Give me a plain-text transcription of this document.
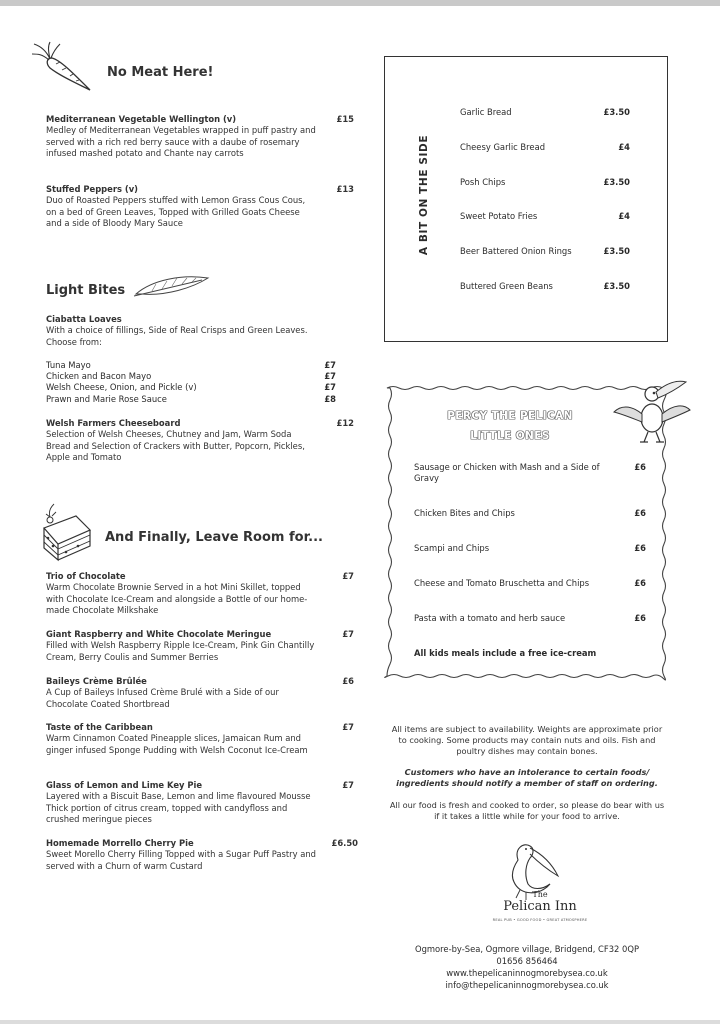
No Meat Here!
Mediterranean Vegetable Wellington (v)	£15
Medley of Mediterranean Vegetables wrapped in puff pastry and served with a rich red berry sauce with a daube of rosemary infused mashed potato and Chante nay carrots
Stuffed Peppers (v)	£13
Duo of Roasted Peppers stuffed with Lemon Grass Cous Cous, on a bed of Green Leaves, Topped with Grilled Goats Cheese and a side of Bloody Mary Sauce
Light Bites
Ciabatta Loaves
With a choice of fillings, Side of Real Crisps and Green Leaves. Choose from:
Tuna Mayo	£7
Chicken and Bacon Mayo	£7
Welsh Cheese, Onion, and Pickle (v)	£7
Prawn and Marie Rose Sauce	£8
Welsh Farmers Cheeseboard	£12
Selection of Welsh Cheeses, Chutney and Jam, Warm Soda Bread and Selection of Crackers with Butter, Popcorn, Pickles, Apple and Tomato
And Finally, Leave Room for...
Trio of Chocolate	£7
Warm Chocolate Brownie Served in a hot Mini Skillet, topped with Chocolate Ice-Cream and alongside a Bottle of our home-made Chocolate Milkshake
Giant Raspberry and White Chocolate Meringue	£7
Filled with Welsh Raspberry Ripple Ice-Cream, Pink Gin Chantilly Cream, Berry Coulis and Summer Berries
Baileys Crème Brûlée	£6
A Cup of Baileys Infused Crème Brulé with a Side of our Chocolate Coated Shortbread
Taste of the Caribbean	£7
Warm Cinnamon Coated Pineapple slices, Jamaican Rum and ginger infused Sponge Pudding with Welsh Coconut Ice-Cream
Glass of Lemon and Lime Key Pie	£7
Layered with a Biscuit Base, Lemon and lime flavoured Mousse Thick portion of citrus cream, topped with candyfloss and crushed meringue pieces
Homemade Morrello Cherry Pie	£6.50
Sweet Morello Cherry Filling Topped with a Sugar Puff Pastry and served with a Churn of warm Custard
A BIT ON THE SIDE
Garlic Bread	£3.50
Cheesy Garlic Bread	£4
Posh Chips	£3.50
Sweet Potato Fries	£4
Beer Battered Onion Rings	£3.50
Buttered Green Beans	£3.50
PERCY THE PELICAN
LITTLE ONES
Sausage or Chicken with Mash and a Side of Gravy
£6
Chicken Bites and Chips	£6
Scampi and Chips	£6
Cheese and Tomato Bruschetta and Chips	£6
Pasta with a tomato and herb sauce	£6
All kids meals include a free ice-cream
All items are subject to availability. Weights are approximate prior to cooking. Some products may contain nuts and oils. Fish and poultry dishes may contain bones.
Customers who have an intolerance to certain foods/ ingredients should notify a member of staff on ordering.
All our food is fresh and cooked to order, so please do bear with us if it takes a little while for your food to arrive.
The
Pelican Inn
REAL PUB • GOOD FOOD • GREAT ATMOSPHERE
Ogmore-by-Sea, Ogmore village, Bridgend, CF32 0QP
01656 856464
www.thepelicaninnogmorebysea.co.uk
info@thepelicaninnogmorebysea.co.uk
